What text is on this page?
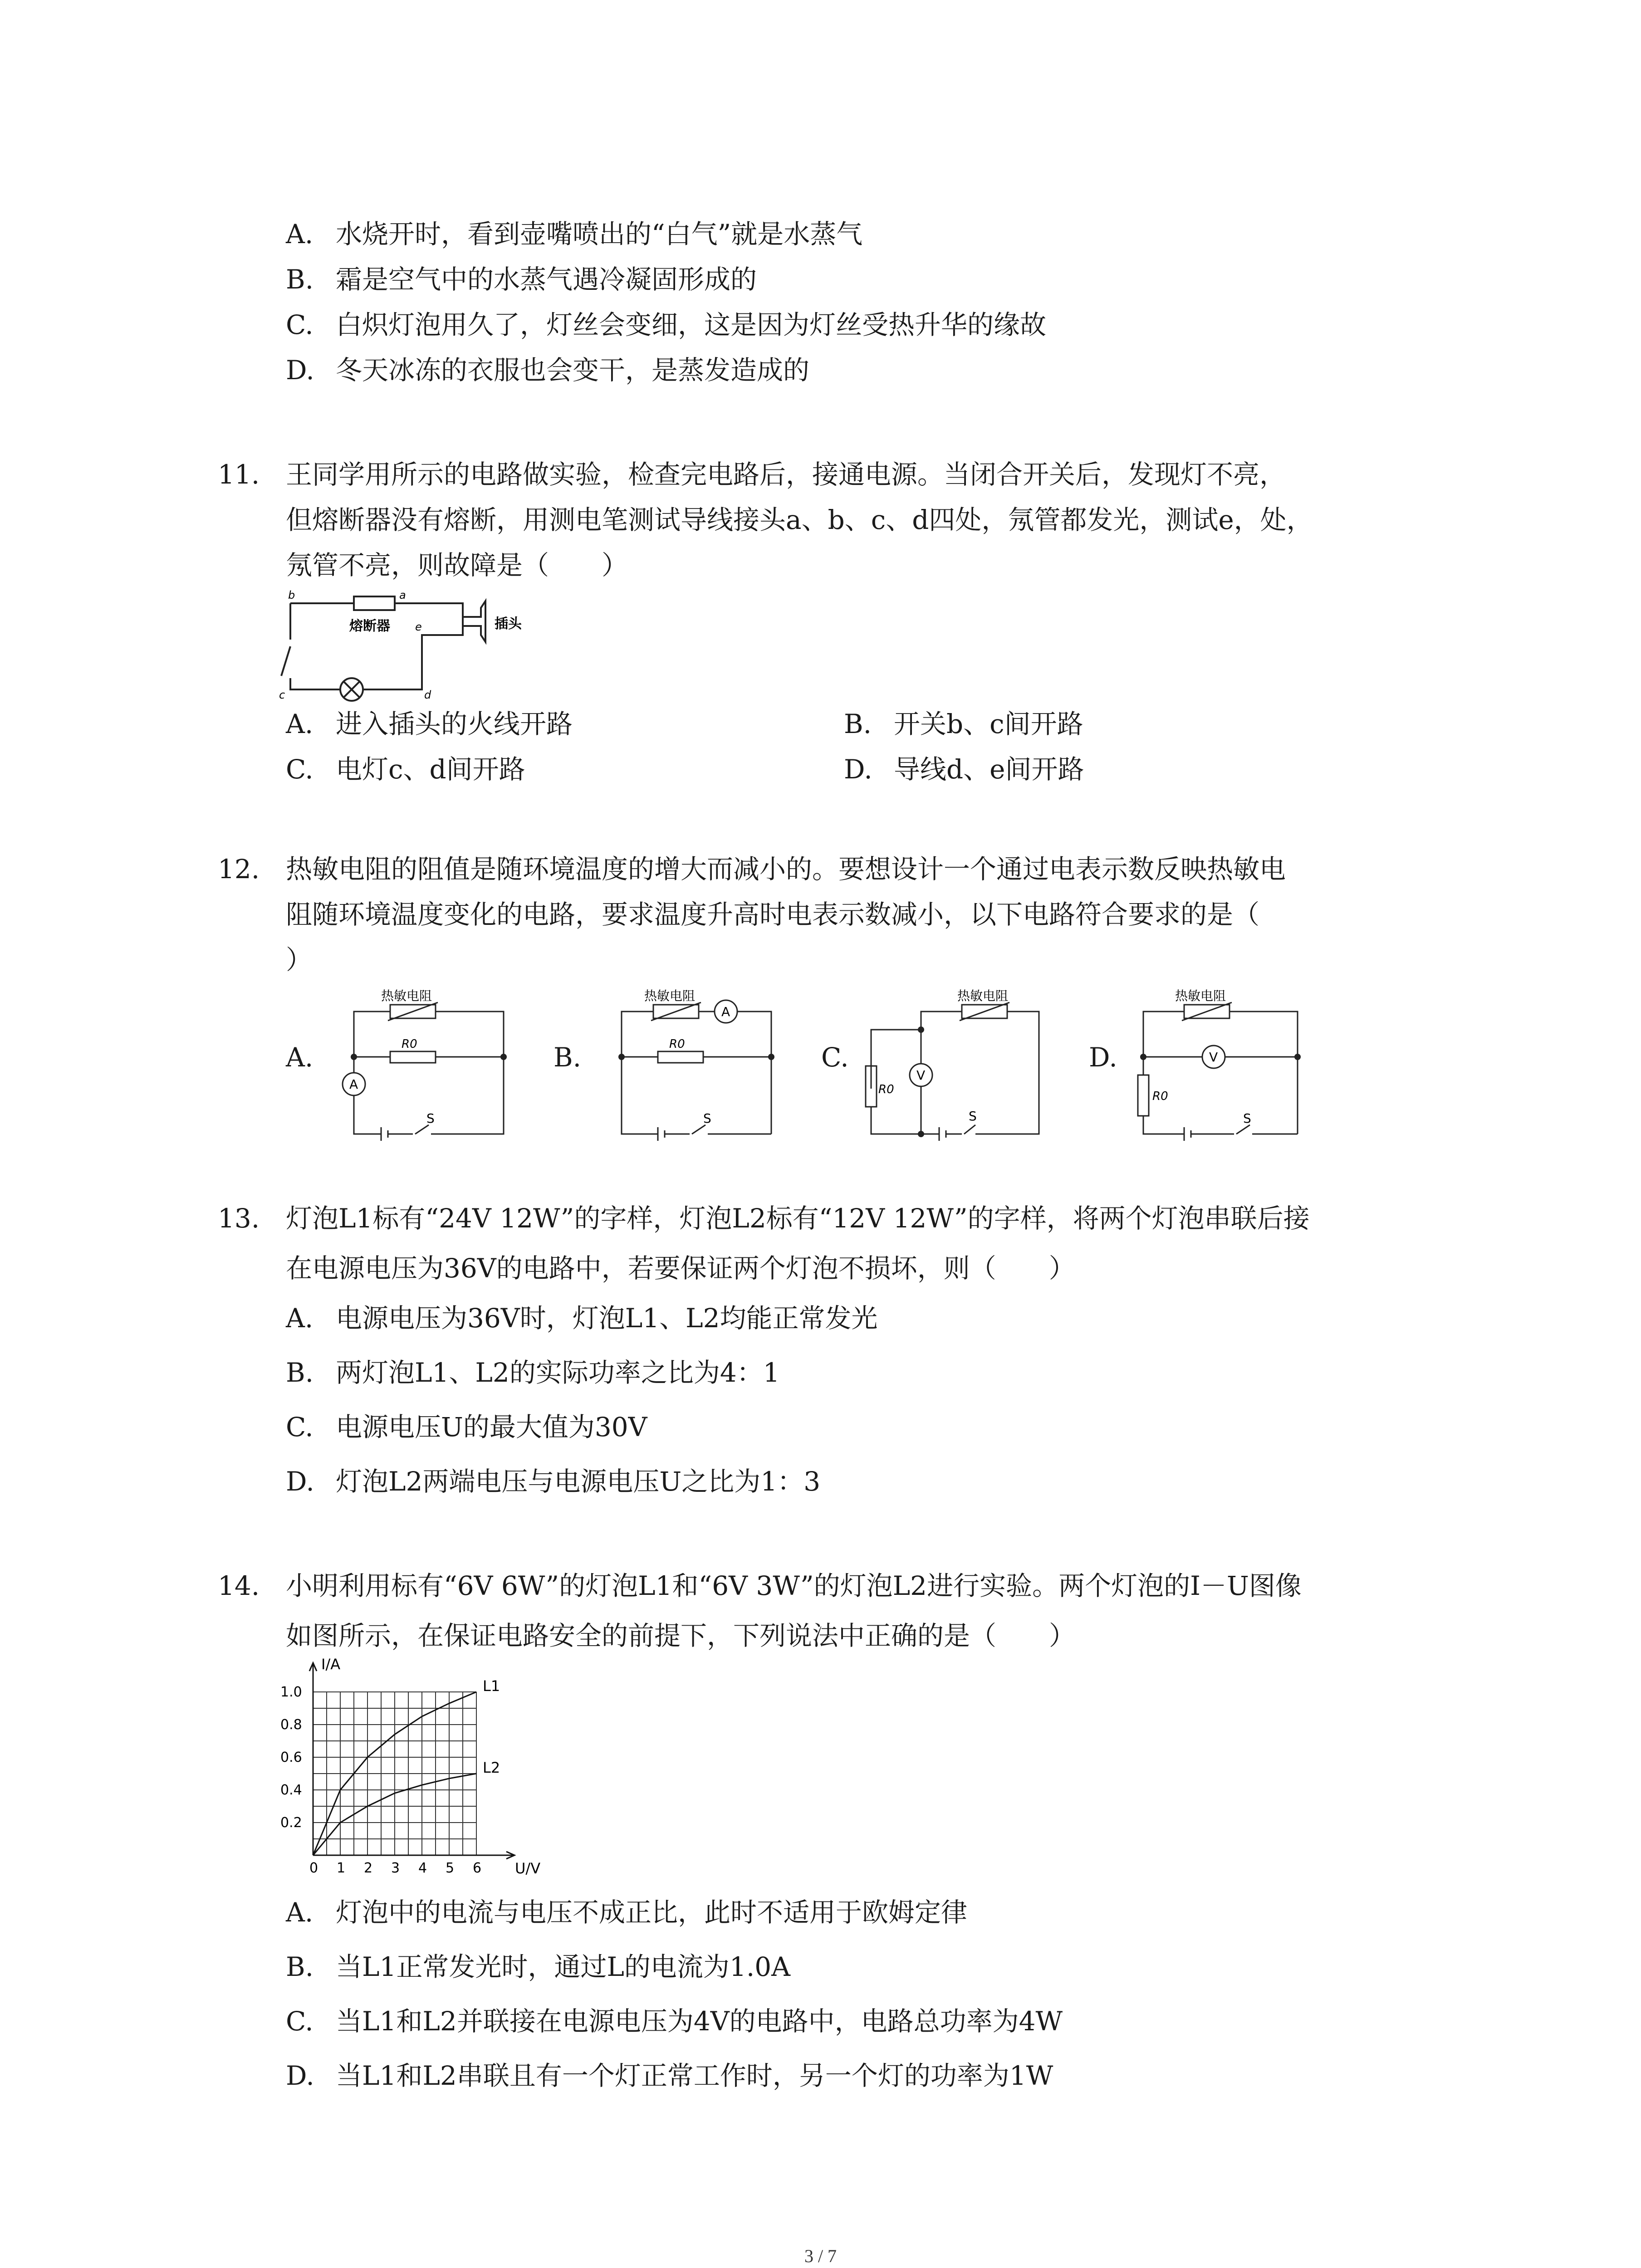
A. 水烧开时，看到壶嘴喷出的“白气”就是水蒸气
B. 霜是空气中的水蒸气遇冷凝固形成的
C. 白炽灯泡用久了，灯丝会变细，这是因为灯丝受热升华的缘故
D. 冬天冰冻的衣服也会变干，是蒸发造成的
11. 王同学用所示的电路做实验，检查完电路后，接通电源。当闭合开关后，发现灯不亮，
但熔断器没有熔断，用测电笔测试导线接头a、b、c、d四处，氖管都发光，测试e，处，
氖管不亮，则故障是（　　）
b	a
熔断器 e	插头
c	d
A. 进入插头的火线开路	B. 开关b、c间开路
C. 电灯c、d间开路	D. 导线d、e间开路
12. 热敏电阻的阻值是随环境温度的增大而减小的。要想设计一个通过电表示数反映热敏电
阻随环境温度变化的电路，要求温度升高时电表示数减小，以下电路符合要求的是（
）
A.	B.	C.	D.
热敏电阻
R0
A
S
热敏电阻
R0
A
S
热敏电阻
R0
V
S
热敏电阻
R0
V
S
13. 灯泡L1标有“24V 12W”的字样，灯泡L2标有“12V 12W”的字样，将两个灯泡串联后接
在电源电压为36V的电路中，若要保证两个灯泡不损坏，则（　　）
A. 电源电压为36V时，灯泡L1、L2均能正常发光
B. 两灯泡L1、L2的实际功率之比为4：1
C. 电源电压U的最大值为30V
D. 灯泡L2两端电压与电源电压U之比为1：3
14. 小明利用标有“6V 6W”的灯泡L1和“6V 3W”的灯泡L2进行实验。两个灯泡的I－U图像
如图所示，在保证电路安全的前提下，下列说法中正确的是（　　）
0 1 2 3 4 5 6
0.2
0.4
0.6
0.8
1.0
I/A
U/V
L1
L2
A. 灯泡中的电流与电压不成正比，此时不适用于欧姆定律
B. 当L1正常发光时，通过L的电流为1.0A
C. 当L1和L2并联接在电源电压为4V的电路中，电路总功率为4W
D. 当L1和L2串联且有一个灯正常工作时，另一个灯的功率为1W
3 / 7
